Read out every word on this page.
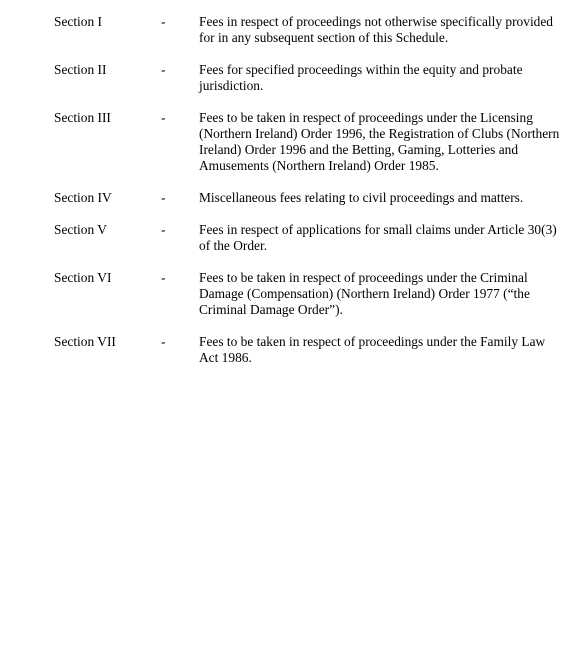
Section I	-	Fees in respect of proceedings not otherwise specifically provided for in any subsequent section of this Schedule.
Section II	-	Fees for specified proceedings within the equity and probate jurisdiction.
Section III	-	Fees to be taken in respect of proceedings under the Licensing (Northern Ireland) Order 1996, the Registration of Clubs (Northern Ireland) Order 1996 and the Betting, Gaming, Lotteries and Amusements (Northern Ireland) Order 1985.
Section IV	-	Miscellaneous fees relating to civil proceedings and matters.
Section V	-	Fees in respect of applications for small claims under Article 30(3) of the Order.
Section VI	-	Fees to be taken in respect of proceedings under the Criminal Damage (Compensation) (Northern Ireland) Order 1977 (“the Criminal Damage Order”).
Section VII	-	Fees to be taken in respect of proceedings under the Family Law Act 1986.
